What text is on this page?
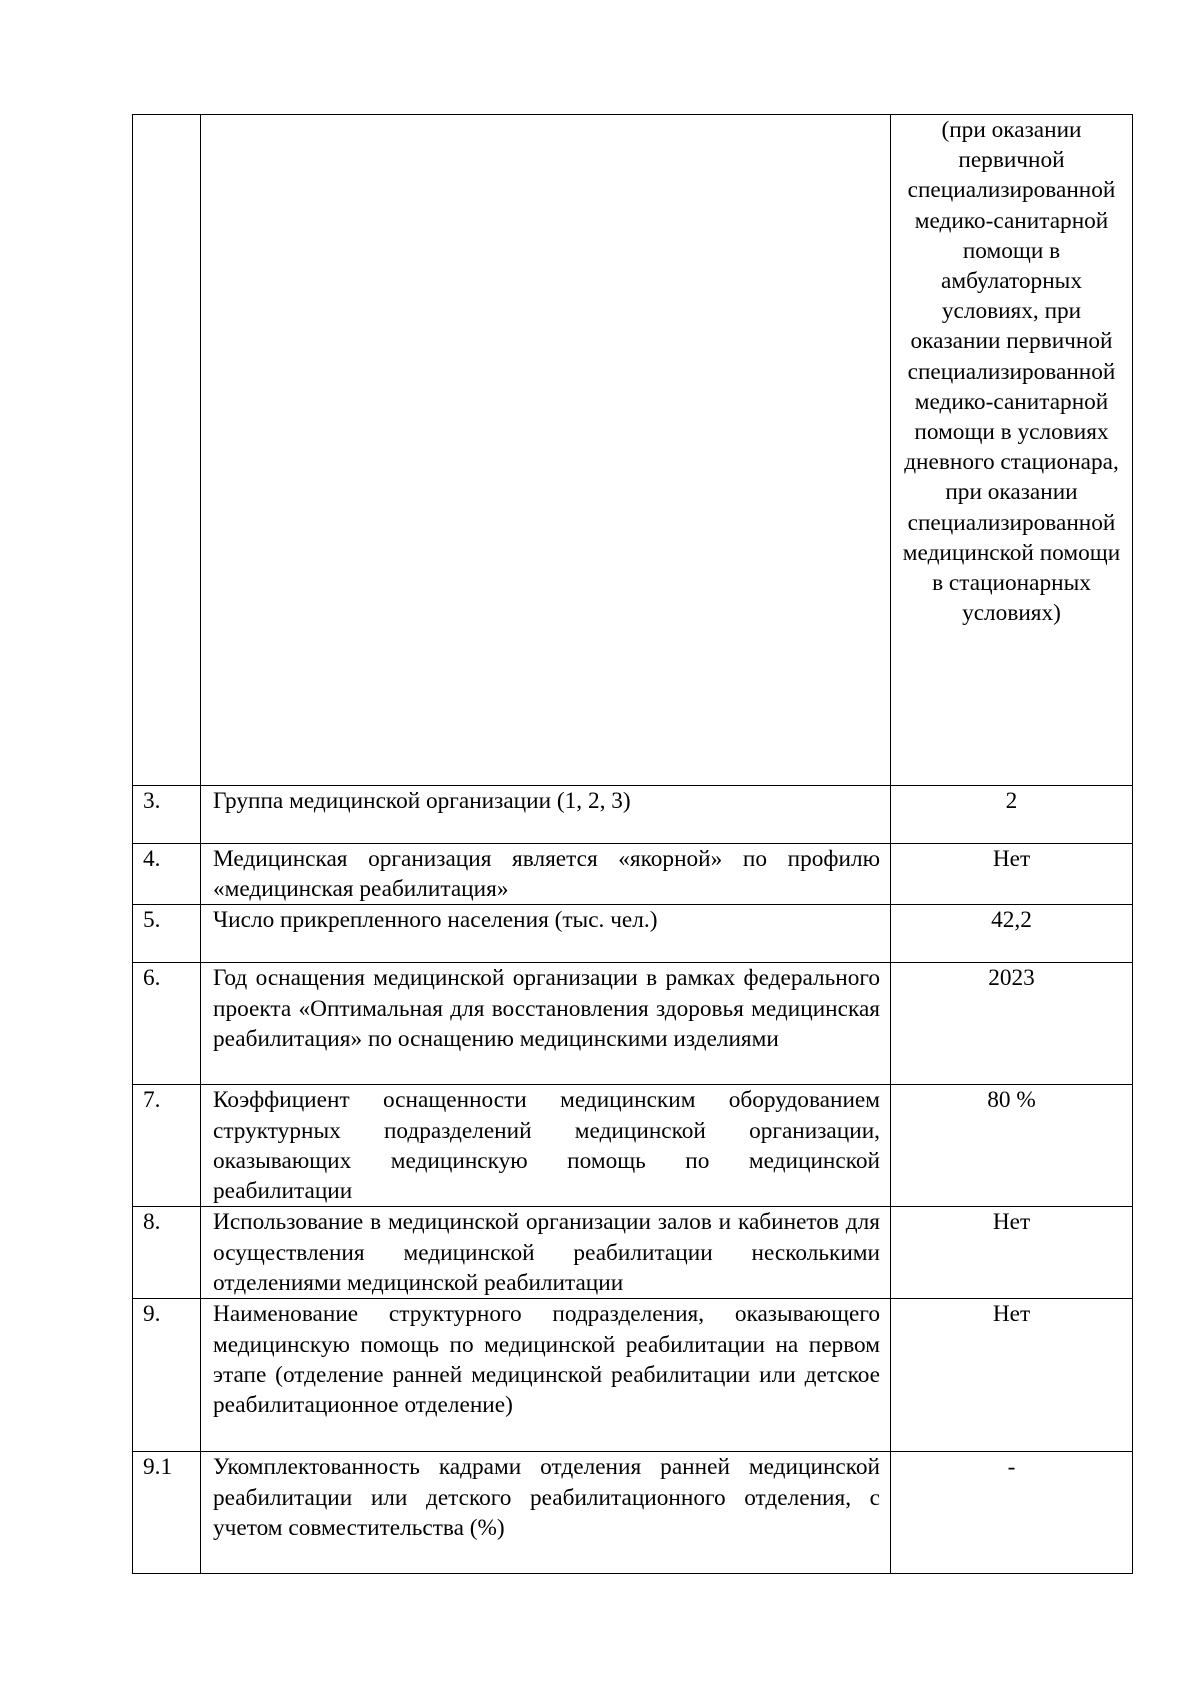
		(при оказании первичной специализированной медико-санитарной помощи в амбулаторных условиях, при оказании первичной специализированной медико-санитарной помощи в условиях дневного стационара, при оказании специализированной медицинской помощи в стационарных условиях)

3.	Группа медицинской организации (1, 2, 3)	2
4.	Медицинская организация является «якорной» по профилю «медицинская реабилитация»	Нет
5.	Число прикрепленного населения (тыс. чел.)	42,2
6.	Год оснащения медицинской организации в рамках федерального проекта «Оптимальная для восстановления здоровья медицинская реабилитация» по оснащению медицинскими изделиями	2023
7.	Коэффициент оснащенности медицинским оборудованием структурных подразделений медицинской организации, оказывающих медицинскую помощь по медицинской реабилитации	80 %
8.	Использование в медицинской организации залов и кабинетов для осуществления медицинской реабилитации несколькими отделениями медицинской реабилитации	Нет
9.	Наименование структурного подразделения, оказывающего медицинскую помощь по медицинской реабилитации на первом этапе (отделение ранней медицинской реабилитации или детское реабилитационное отделение)	Нет
9.1	Укомплектованность кадрами отделения ранней медицинской реабилитации или детского реабилитационного отделения, с учетом совместительства (%)	-
